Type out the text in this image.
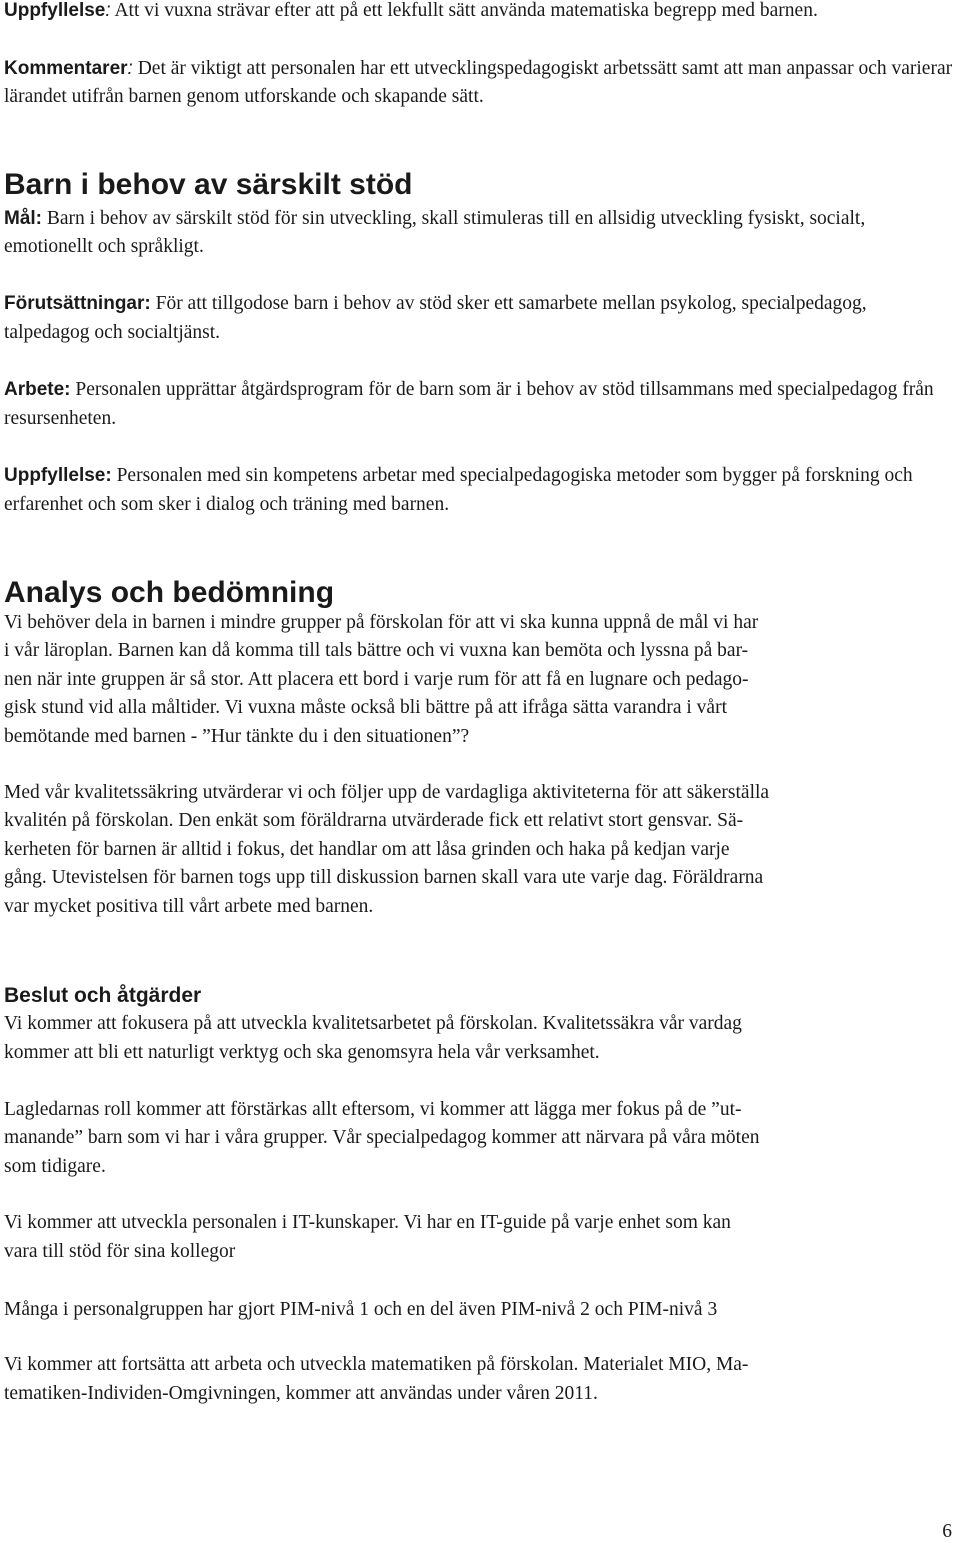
Uppfyllelse: Att vi vuxna strävar efter att på ett lekfullt sätt använda matematiska begrepp med barnen.

Kommentarer: Det är viktigt att personalen har ett utvecklingspedagogiskt arbetssätt samt att man anpassar och varierar lärandet utifrån barnen genom utforskande och skapande sätt.

Barn i behov av särskilt stöd

Mål: Barn i behov av särskilt stöd för sin utveckling, skall stimuleras till en allsidig utveckling fysiskt, socialt, emotionellt och språkligt.

Förutsättningar: För att tillgodose barn i behov av stöd sker ett samarbete mellan psykolog, specialpedagog, talpedagog och socialtjänst.

Arbete: Personalen upprättar åtgärdsprogram för de barn som är i behov av stöd tillsammans med specialpedagog från resursenheten.

Uppfyllelse: Personalen med sin kompetens arbetar med specialpedagogiska metoder som bygger på forskning och erfarenhet och som sker i dialog och träning med barnen.

Analys och bedömning

Vi behöver dela in barnen i mindre grupper på förskolan för att vi ska kunna uppnå de mål vi har
i vår läroplan. Barnen kan då komma till tals bättre och vi vuxna kan bemöta och lyssna på bar-
nen när inte gruppen är så stor. Att placera ett bord i varje rum för att få en lugnare och pedago-
gisk stund vid alla måltider. Vi vuxna måste också bli bättre på att ifråga sätta varandra i vårt
bemötande med barnen - ”Hur tänkte du i den situationen”?

Med vår kvalitetssäkring utvärderar vi och följer upp de vardagliga aktiviteterna för att säkerställa
kvalitén på förskolan. Den enkät som föräldrarna utvärderade fick ett relativt stort gensvar. Sä-
kerheten för barnen är alltid i fokus, det handlar om att låsa grinden och haka på kedjan varje
gång. Utevistelsen för barnen togs upp till diskussion barnen skall vara ute varje dag. Föräldrarna
var mycket positiva till vårt arbete med barnen.

Beslut och åtgärder

Vi kommer att fokusera på att utveckla kvalitetsarbetet på förskolan. Kvalitetssäkra vår vardag
kommer att bli ett naturligt verktyg och ska genomsyra hela vår verksamhet.

Lagledarnas roll kommer att förstärkas allt eftersom, vi kommer att lägga mer fokus på de ”ut-
manande” barn som vi har i våra grupper. Vår specialpedagog kommer att närvara på våra möten
som tidigare.

Vi kommer att utveckla personalen i IT-kunskaper. Vi har en IT-guide på varje enhet som kan
vara till stöd för sina kollegor

Många i personalgruppen har gjort PIM-nivå 1 och en del även PIM-nivå 2 och PIM-nivå 3

Vi kommer att fortsätta att arbeta och utveckla matematiken på förskolan. Materialet MIO, Ma-
tematiken-Individen-Omgivningen, kommer att användas under våren 2011.

6
